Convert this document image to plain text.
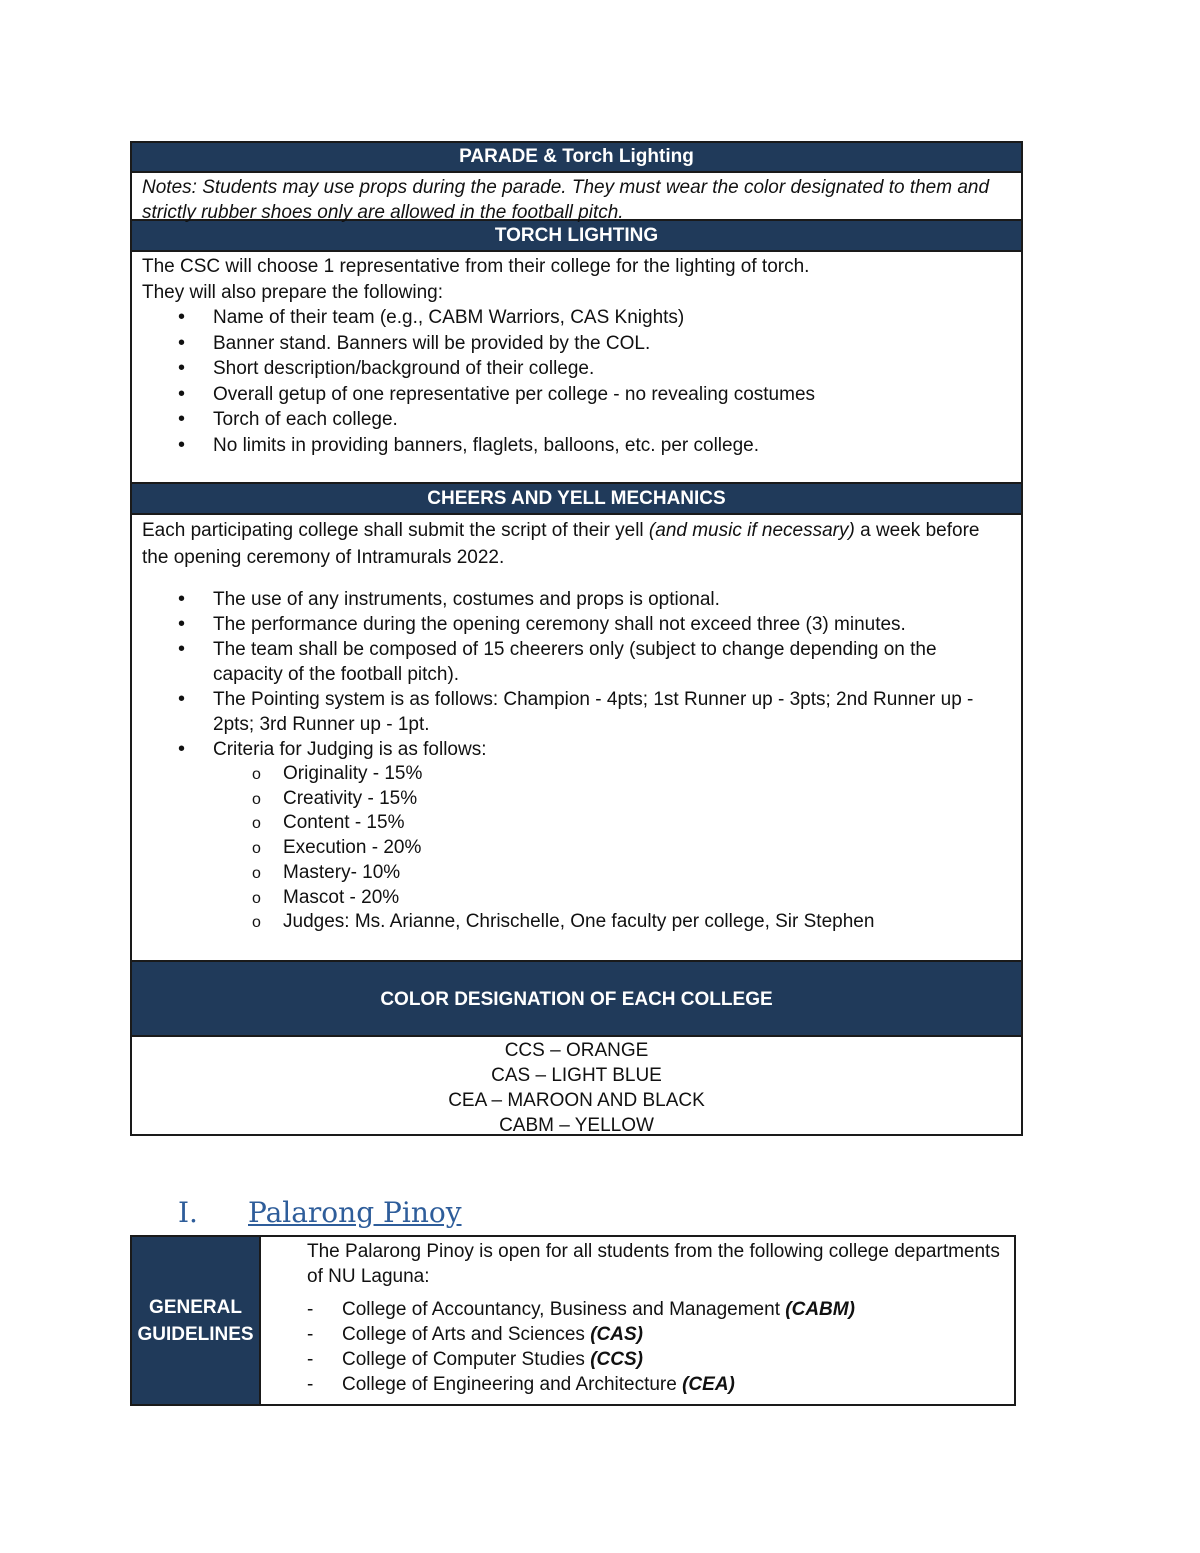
PARADE & Torch Lighting
Notes: Students may use props during the parade. They must wear the color designated to them and strictly rubber shoes only are allowed in the football pitch.
TORCH LIGHTING
The CSC will choose 1 representative from their college for the lighting of torch.
They will also prepare the following:
• Name of their team (e.g., CABM Warriors, CAS Knights)
• Banner stand. Banners will be provided by the COL.
• Short description/background of their college.
• Overall getup of one representative per college - no revealing costumes
• Torch of each college.
• No limits in providing banners, flaglets, balloons, etc. per college.
CHEERS AND YELL MECHANICS
Each participating college shall submit the script of their yell (and music if necessary) a week before the opening ceremony of Intramurals 2022.
• The use of any instruments, costumes and props is optional.
• The performance during the opening ceremony shall not exceed three (3) minutes.
• The team shall be composed of 15 cheerers only (subject to change depending on the capacity of the football pitch).
• The Pointing system is as follows: Champion - 4pts; 1st Runner up - 3pts; 2nd Runner up - 2pts; 3rd Runner up - 1pt.
• Criteria for Judging is as follows:
o Originality - 15%
o Creativity - 15%
o Content - 15%
o Execution - 20%
o Mastery- 10%
o Mascot - 20%
o Judges: Ms. Arianne, Chrischelle, One faculty per college, Sir Stephen
COLOR DESIGNATION OF EACH COLLEGE
CCS – ORANGE
CAS – LIGHT BLUE
CEA – MAROON AND BLACK
CABM – YELLOW
I. Palarong Pinoy
GENERAL
GUIDELINES
The Palarong Pinoy is open for all students from the following college departments of NU Laguna:
- College of Accountancy, Business and Management (CABM)
- College of Arts and Sciences (CAS)
- College of Computer Studies (CCS)
- College of Engineering and Architecture (CEA)
